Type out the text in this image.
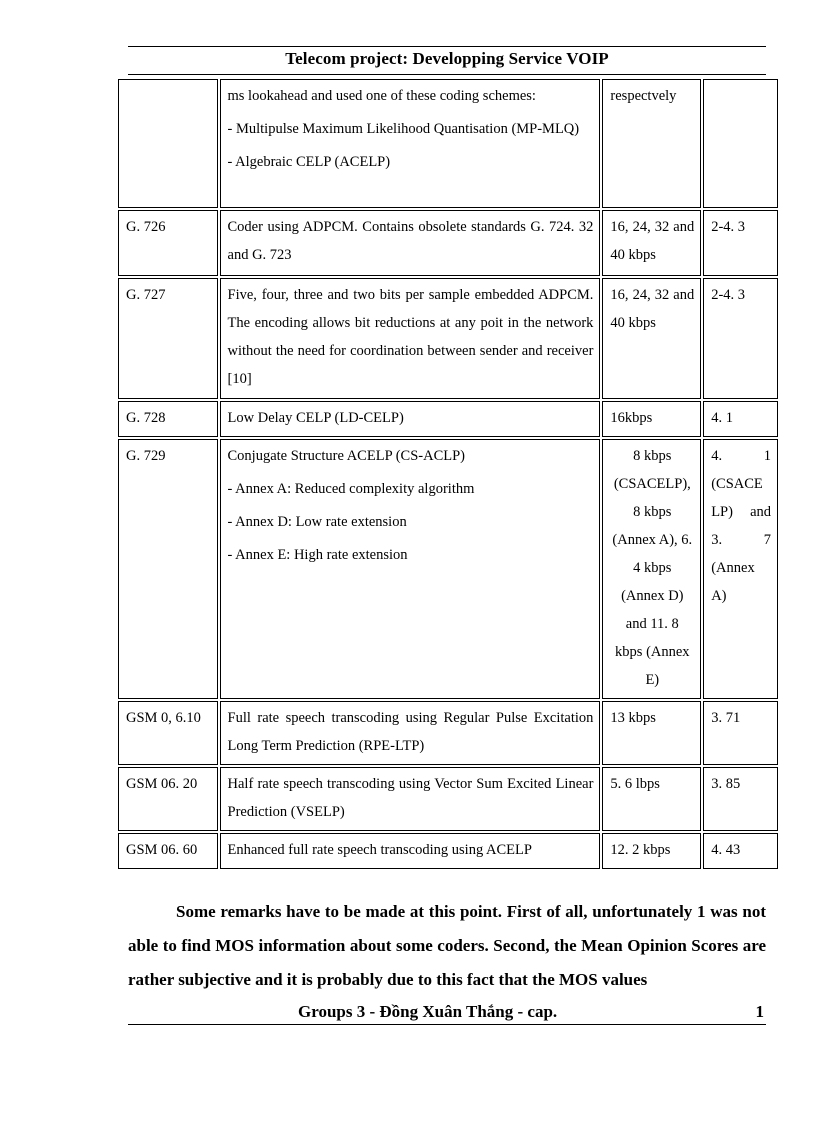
Telecom project: Developping Service VOIP

	ms lookahead and used one of these coding schemes:
- Multipulse Maximum Likelihood Quantisation (MP-MLQ)
- Algebraic CELP (ACELP)	respectvely	
G. 726	Coder using ADPCM. Contains obsolete standards G. 724. 32 and G. 723	16, 24, 32 and 40 kbps	2-4. 3
G. 727	Five, four, three and two bits per sample embedded ADPCM. The encoding allows bit reductions at any poit in the network without the need for coordination between sender and receiver [10]	16, 24, 32 and 40 kbps	2-4. 3
G. 728	Low Delay CELP (LD-CELP)	16kbps	4. 1
G. 729	Conjugate Structure ACELP (CS-ACLP)
- Annex A: Reduced complexity algorithm
- Annex D: Low rate extension
- Annex E: High rate extension	8 kbps (CSACELP), 8 kbps (Annex A), 6. 4 kbps (Annex D) and 11. 8 kbps (Annex E)	4. 1 (CSACE LP) and 3. 7 (Annex A)
GSM 0, 6.10	Full rate speech transcoding using Regular Pulse Excitation Long Term Prediction (RPE-LTP)	13 kbps	3. 71
GSM 06. 20	Half rate speech transcoding using Vector Sum Excited Linear Prediction (VSELP)	5. 6 lbps	3. 85
GSM 06. 60	Enhanced full rate speech transcoding using ACELP	12. 2 kbps	4. 43

Some remarks have to be made at this point. First of all, unfortunately 1 was not able to find MOS information about some coders. Second, the Mean Opinion Scores are rather subjective and it is probably due to this fact that the MOS values

Groups 3 - Đồng Xuân Thắng - cap.	1
